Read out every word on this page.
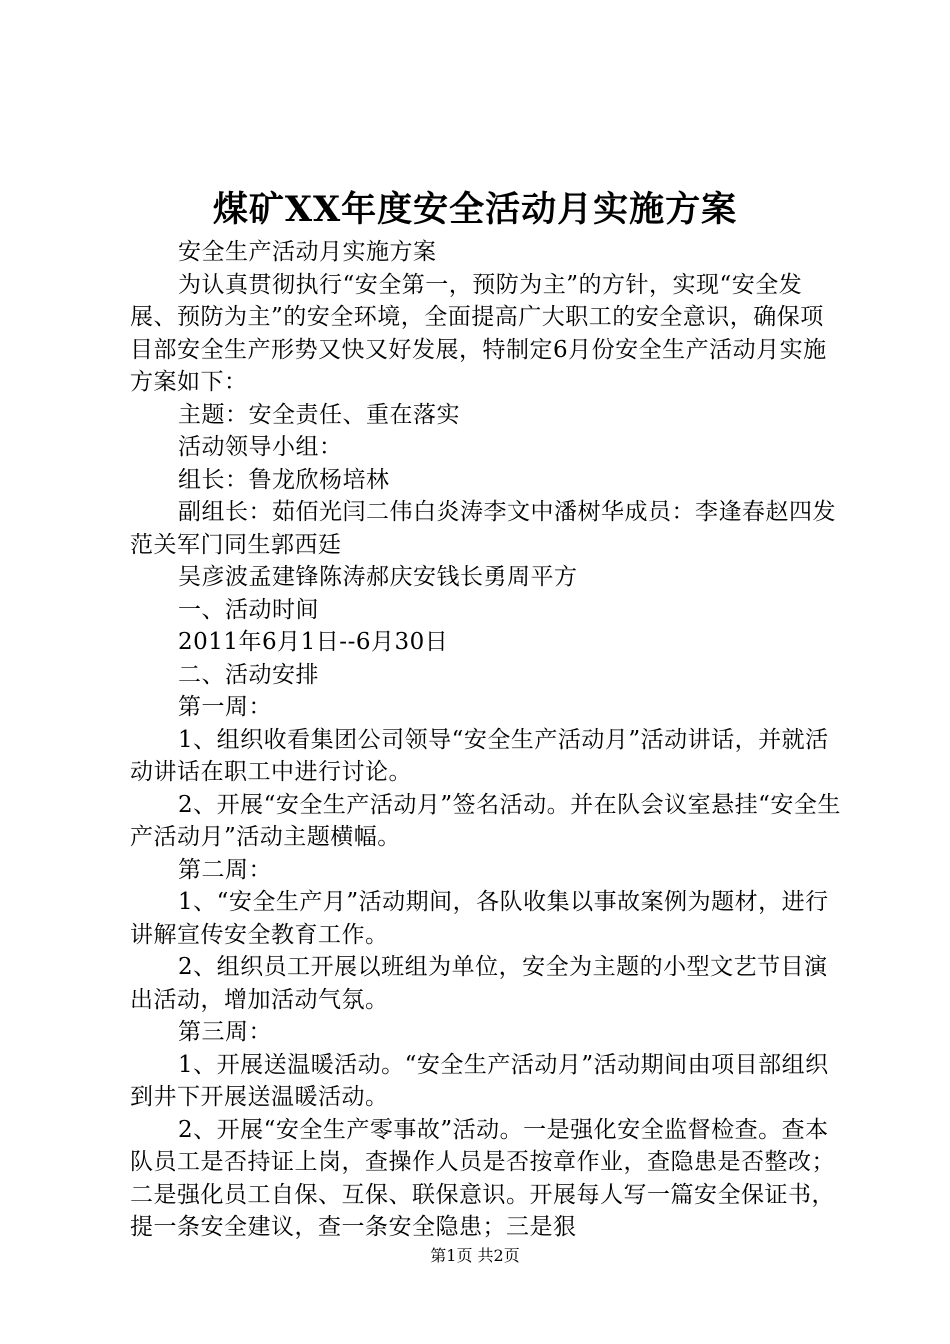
煤矿XX年度安全活动月实施方案

安全生产活动月实施方案

为认真贯彻执行“安全第一，预防为主”的方针，实现“安全发展、预防为主”的安全环境，全面提高广大职工的安全意识，确保项目部安全生产形势又快又好发展，特制定6月份安全生产活动月实施方案如下：

主题：安全责任、重在落实

活动领导小组：

组长：鲁龙欣杨培林

副组长：茹佰光闫二伟白炎涛李文中潘树华成员：李逢春赵四发范关军门同生郭西廷

吴彦波孟建锋陈涛郝庆安钱长勇周平方

一、活动时间

2011年6月1日--6月30日

二、活动安排

第一周：

1、组织收看集团公司领导“安全生产活动月”活动讲话，并就活动讲话在职工中进行讨论。

2、开展“安全生产活动月”签名活动。并在队会议室悬挂“安全生产活动月”活动主题横幅。

第二周：

1、“安全生产月”活动期间，各队收集以事故案例为题材，进行讲解宣传安全教育工作。

2、组织员工开展以班组为单位，安全为主题的小型文艺节目演出活动，增加活动气氛。

第三周：

1、开展送温暖活动。“安全生产活动月”活动期间由项目部组织到井下开展送温暖活动。

2、开展“安全生产零事故”活动。一是强化安全监督检查。查本队员工是否持证上岗，查操作人员是否按章作业，查隐患是否整改；二是强化员工自保、互保、联保意识。开展每人写一篇安全保证书，提一条安全建议，查一条安全隐患；三是狠

第1页 共2页
